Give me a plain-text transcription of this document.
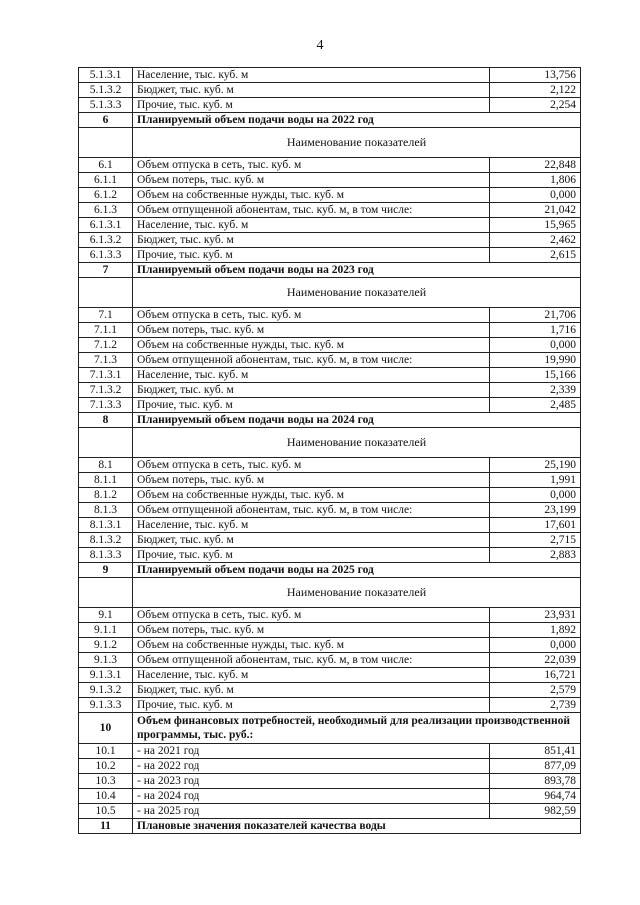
4
5.1.3.1	Население, тыс. куб. м	13,756
5.1.3.2	Бюджет, тыс. куб. м	2,122
5.1.3.3	Прочие, тыс. куб. м	2,254
6	Планируемый объем подачи воды на 2022 год	
	Наименование показателей	
6.1	Объем отпуска в сеть, тыс. куб. м	22,848
6.1.1	Объем потерь, тыс. куб. м	1,806
6.1.2	Объем на собственные нужды, тыс. куб. м	0,000
6.1.3	Объем отпущенной абонентам, тыс. куб. м, в том числе:	21,042
6.1.3.1	Население, тыс. куб. м	15,965
6.1.3.2	Бюджет, тыс. куб. м	2,462
6.1.3.3	Прочие, тыс. куб. м	2,615
7	Планируемый объем подачи воды на 2023 год	
	Наименование показателей	
7.1	Объем отпуска в сеть, тыс. куб. м	21,706
7.1.1	Объем потерь, тыс. куб. м	1,716
7.1.2	Объем на собственные нужды, тыс. куб. м	0,000
7.1.3	Объем отпущенной абонентам, тыс. куб. м, в том числе:	19,990
7.1.3.1	Население, тыс. куб. м	15,166
7.1.3.2	Бюджет, тыс. куб. м	2,339
7.1.3.3	Прочие, тыс. куб. м	2,485
8	Планируемый объем подачи воды на 2024 год	
	Наименование показателей	
8.1	Объем отпуска в сеть, тыс. куб. м	25,190
8.1.1	Объем потерь, тыс. куб. м	1,991
8.1.2	Объем на собственные нужды, тыс. куб. м	0,000
8.1.3	Объем отпущенной абонентам, тыс. куб. м, в том числе:	23,199
8.1.3.1	Население, тыс. куб. м	17,601
8.1.3.2	Бюджет, тыс. куб. м	2,715
8.1.3.3	Прочие, тыс. куб. м	2,883
9	Планируемый объем подачи воды на 2025 год	
	Наименование показателей	
9.1	Объем отпуска в сеть, тыс. куб. м	23,931
9.1.1	Объем потерь, тыс. куб. м	1,892
9.1.2	Объем на собственные нужды, тыс. куб. м	0,000
9.1.3	Объем отпущенной абонентам, тыс. куб. м, в том числе:	22,039
9.1.3.1	Население, тыс. куб. м	16,721
9.1.3.2	Бюджет, тыс. куб. м	2,579
9.1.3.3	Прочие, тыс. куб. м	2,739
10	Объем финансовых потребностей, необходимый для реализации производственной программы, тыс. руб.:	
10.1	- на 2021 год	851,41
10.2	- на 2022 год	877,09
10.3	- на 2023 год	893,78
10.4	- на 2024 год	964,74
10.5	- на 2025 год	982,59
11	Плановые значения показателей качества воды	
